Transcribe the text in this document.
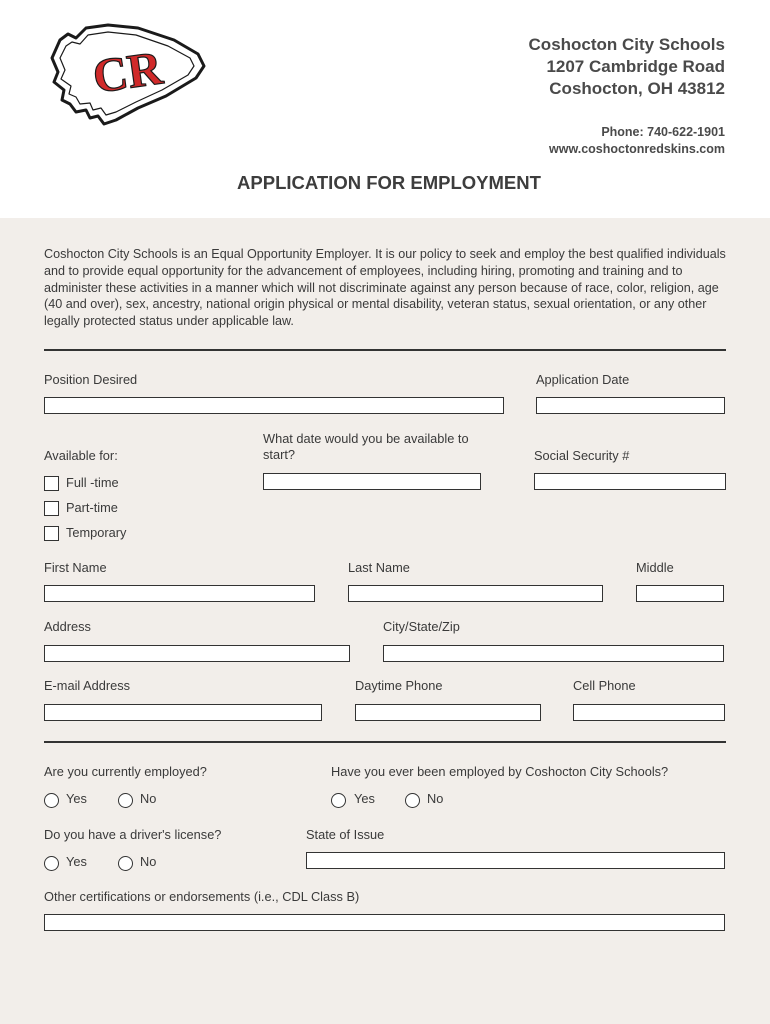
CR	Coshocton City Schools
1207 Cambridge Road
Coshocton, OH 43812
Phone: 740-622-1901
www.coshoctonredskins.com
APPLICATION FOR EMPLOYMENT
Coshocton City Schools is an Equal Opportunity Employer. It is our policy to seek and employ the best qualified individuals and to provide equal opportunity for the advancement of employees, including hiring, promoting and training and to administer these activities in a manner which will not discriminate against any person because of race, color, religion, age (40 and over), sex, ancestry, national origin physical or mental disability, veteran status, sexual orientation, or any other legally protected status under applicable law.
Position Desired	Application Date
Available for:
What date would you be available to start?	Social Security #
Full -time
Part-time
Temporary
First Name	Last Name	Middle
Address	City/State/Zip
E-mail Address	Daytime Phone	Cell Phone
Are you currently employed?
Yes	No
Have you ever been employed by Coshocton City Schools?
Yes	No
Do you have a driver's license?
Yes	No
State of Issue
Other certifications or endorsements (i.e., CDL Class B)
